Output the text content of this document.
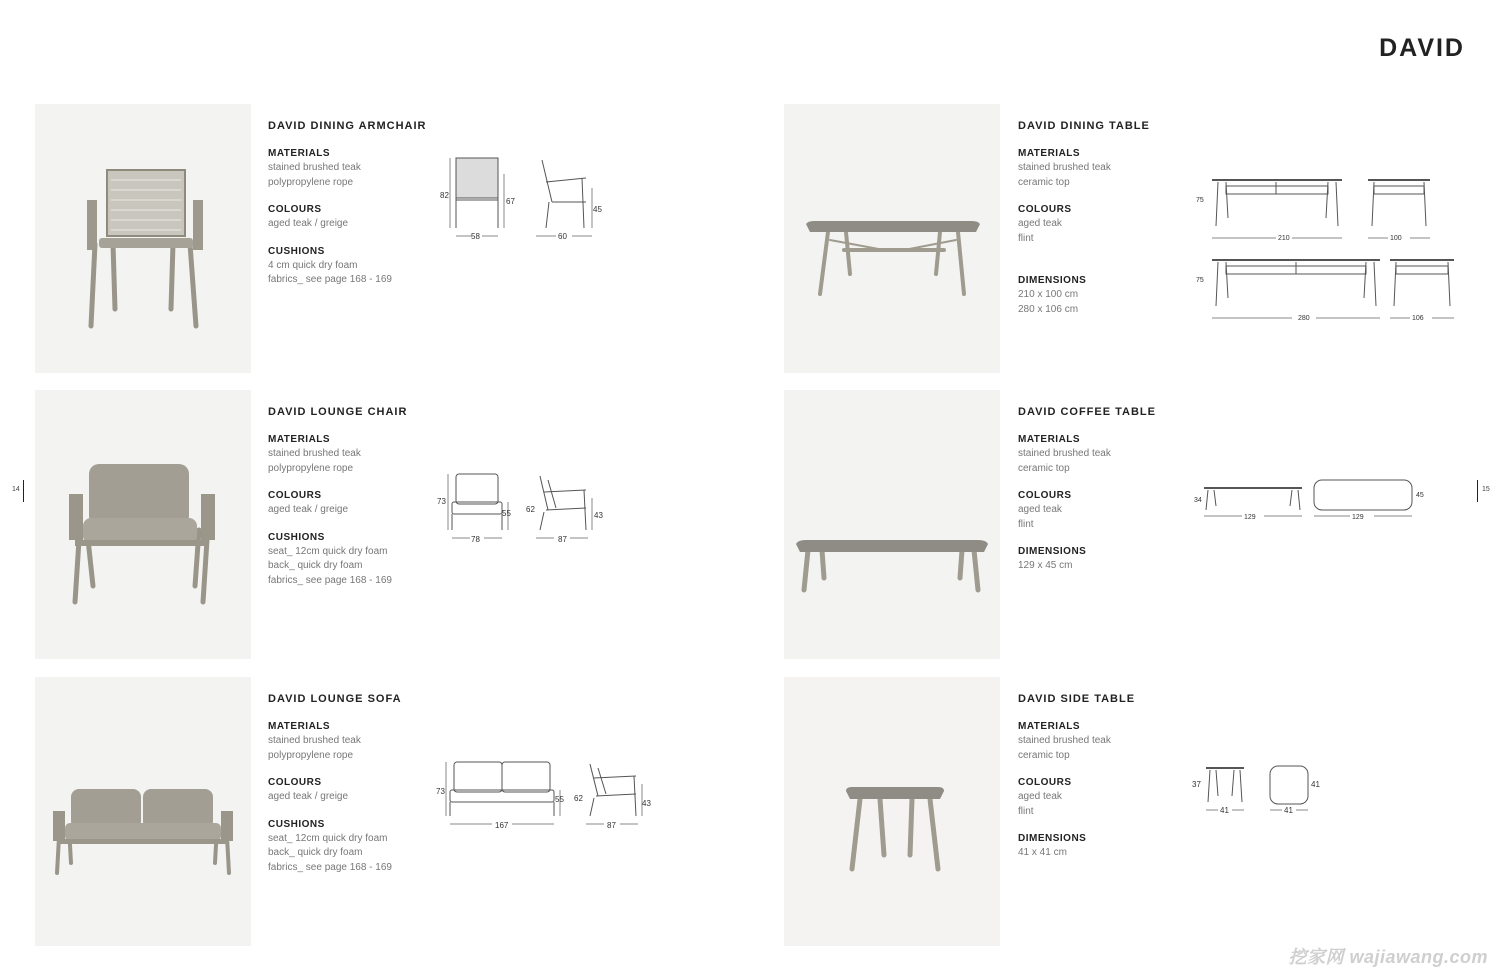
DAVID
14	15
DAVID DINING ARMCHAIR
MATERIALS
stained brushed teak
polypropylene rope
COLOURS
aged teak / greige
CUSHIONS
4 cm quick dry foam
fabrics_ see page 168 - 169
82
67
58
45
60
DAVID LOUNGE CHAIR
MATERIALS
stained brushed teak
polypropylene rope
COLOURS
aged teak / greige
CUSHIONS
seat_ 12cm quick dry foam
back_ quick dry foam
fabrics_ see page 168 - 169
73
55
78
62
43
87
DAVID LOUNGE SOFA
MATERIALS
stained brushed teak
polypropylene rope
COLOURS
aged teak / greige
CUSHIONS
seat_ 12cm quick dry foam
back_ quick dry foam
fabrics_ see page 168 - 169
73
55
167
62
43
87
DAVID DINING TABLE
MATERIALS
stained brushed teak
ceramic top
COLOURS
aged teak
flint
DIMENSIONS
210 x 100 cm
280 x 106 cm
75
210	100
75
280	106
DAVID COFFEE TABLE
MATERIALS
stained brushed teak
ceramic top
COLOURS
aged teak
flint
DIMENSIONS
129 x 45 cm
34
129
45
129
DAVID SIDE TABLE
MATERIALS
stained brushed teak
ceramic top
COLOURS
aged teak
flint
DIMENSIONS
41 x 41 cm
37
41
41
41
挖家网 wajiawang.com
